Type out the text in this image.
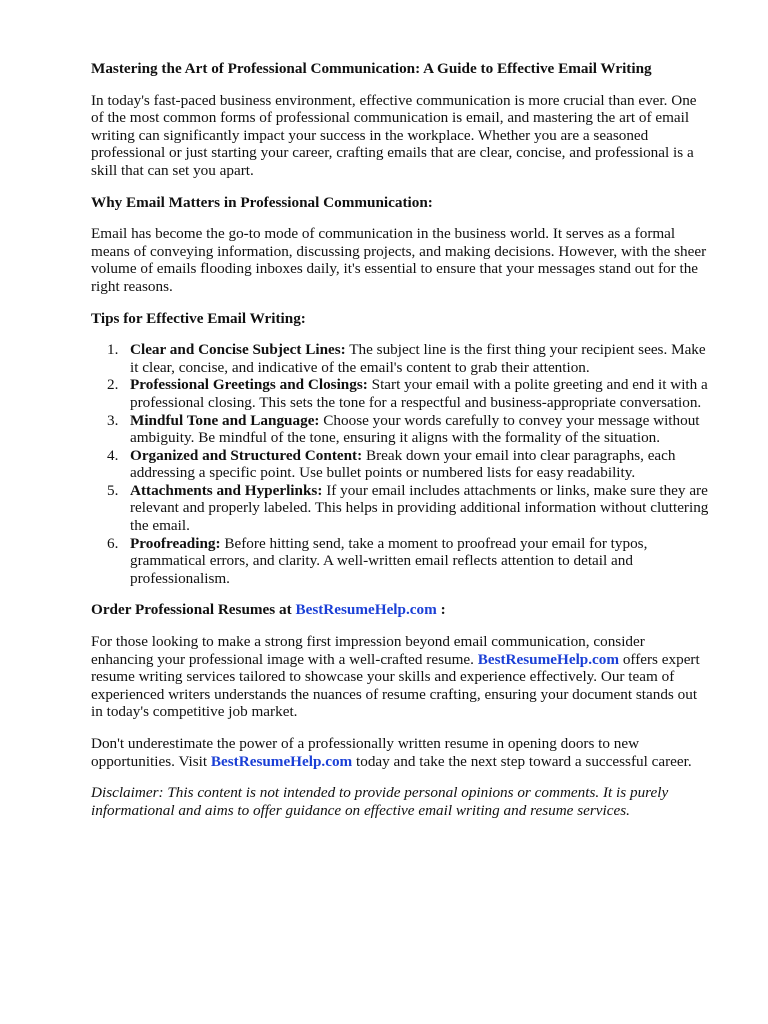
Mastering the Art of Professional Communication: A Guide to Effective Email Writing

In today's fast-paced business environment, effective communication is more crucial than ever. One of the most common forms of professional communication is email, and mastering the art of email writing can significantly impact your success in the workplace. Whether you are a seasoned professional or just starting your career, crafting emails that are clear, concise, and professional is a skill that can set you apart.

Why Email Matters in Professional Communication:

Email has become the go-to mode of communication in the business world. It serves as a formal means of conveying information, discussing projects, and making decisions. However, with the sheer volume of emails flooding inboxes daily, it's essential to ensure that your messages stand out for the right reasons.

Tips for Effective Email Writing:
1. Clear and Concise Subject Lines: The subject line is the first thing your recipient sees. Make it clear, concise, and indicative of the email's content to grab their attention.
2. Professional Greetings and Closings: Start your email with a polite greeting and end it with a professional closing. This sets the tone for a respectful and business-appropriate conversation.
3. Mindful Tone and Language: Choose your words carefully to convey your message without ambiguity. Be mindful of the tone, ensuring it aligns with the formality of the situation.
4. Organized and Structured Content: Break down your email into clear paragraphs, each addressing a specific point. Use bullet points or numbered lists for easy readability.
5. Attachments and Hyperlinks: If your email includes attachments or links, make sure they are relevant and properly labeled. This helps in providing additional information without cluttering the email.
6. Proofreading: Before hitting send, take a moment to proofread your email for typos, grammatical errors, and clarity. A well-written email reflects attention to detail and professionalism.
Order Professional Resumes at BestResumeHelp.com :

For those looking to make a strong first impression beyond email communication, consider enhancing your professional image with a well-crafted resume. BestResumeHelp.com offers expert resume writing services tailored to showcase your skills and experience effectively. Our team of experienced writers understands the nuances of resume crafting, ensuring your document stands out in today's competitive job market.

Don't underestimate the power of a professionally written resume in opening doors to new opportunities. Visit BestResumeHelp.com today and take the next step toward a successful career.

Disclaimer: This content is not intended to provide personal opinions or comments. It is purely informational and aims to offer guidance on effective email writing and resume services.
